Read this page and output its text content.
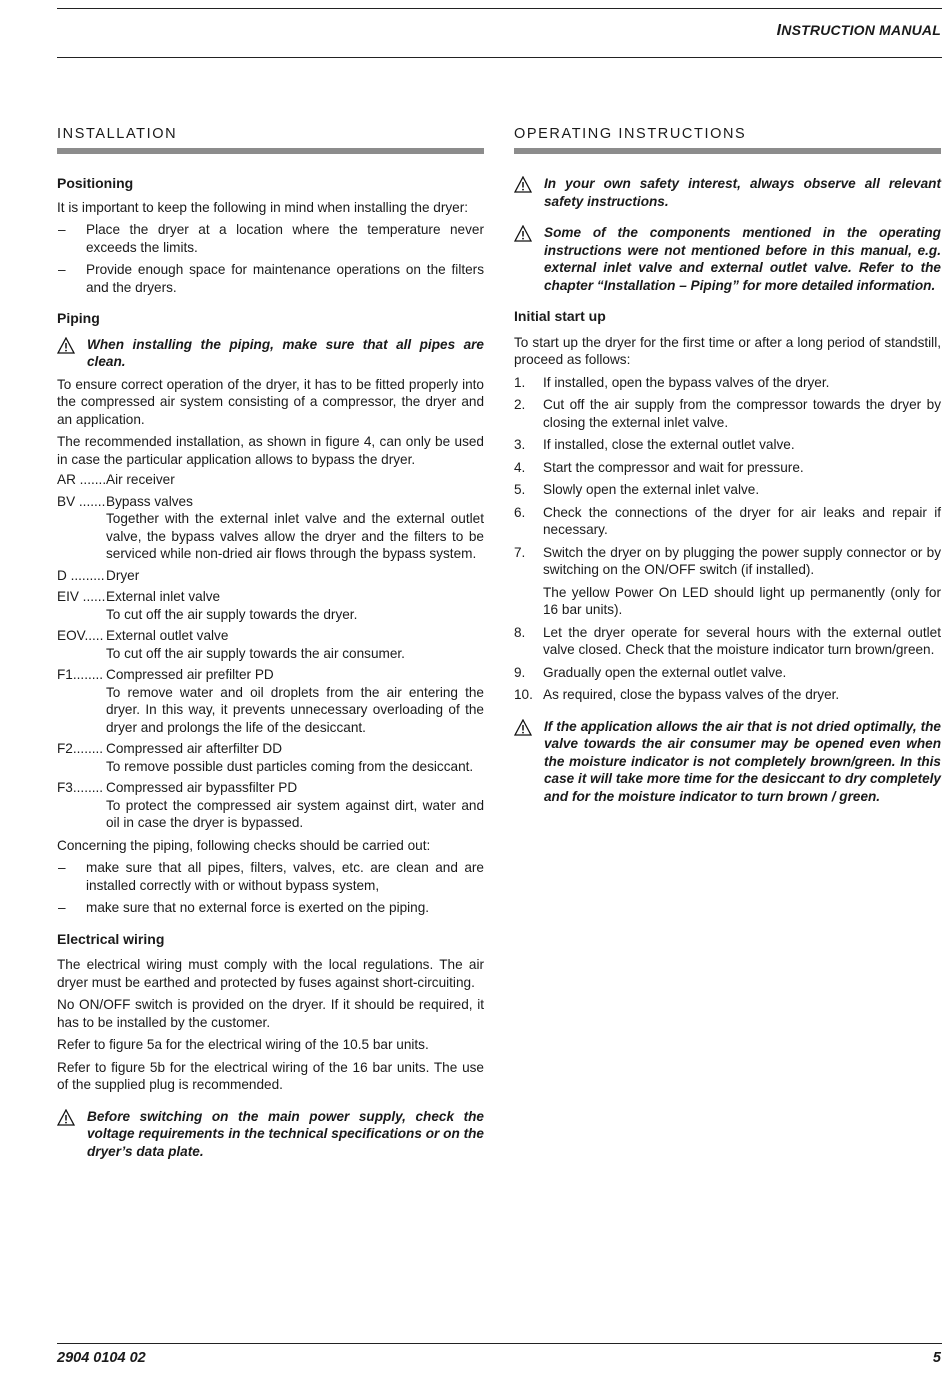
INSTRUCTION MANUAL
INSTALLATION
Positioning

It is important to keep the following in mind when installing the dryer:

– Place the dryer at a location where the temperature never exceeds the limits.
– Provide enough space for maintenance operations on the filters and the dryers.
Piping
When installing the piping, make sure that all pipes are clean.

To ensure correct operation of the dryer, it has to be fitted properly into the compressed air system consisting of a compressor, the dryer and an application.

The recommended installation, as shown in figure 4, can only be used in case the particular application allows to bypass the dryer.

AR ....... Air receiver
BV ....... Bypass valves
Together with the external inlet valve and the external outlet valve, the bypass valves allow the dryer and the filters to be serviced while non-dried air flows through the bypass system.
D ......... Dryer
EIV ...... External inlet valve
To cut off the air supply towards the dryer.
EOV..... External outlet valve
To cut off the air supply towards the air consumer.
F1........ Compressed air prefilter PD
To remove water and oil droplets from the air entering the dryer. In this way, it prevents unnecessary overloading of the dryer and prolongs the life of the desiccant.
F2........ Compressed air afterfilter DD
To remove possible dust particles coming from the desiccant.
F3........ Compressed air bypassfilter PD
To protect the compressed air system against dirt, water and oil in case the dryer is bypassed.

Concerning the piping, following checks should be carried out:

– make sure that all pipes, filters, valves, etc. are clean and are installed correctly with or without bypass system,
– make sure that no external force is exerted on the piping.
Electrical wiring

The electrical wiring must comply with the local regulations. The air dryer must be earthed and protected by fuses against short-circuiting.

No ON/OFF switch is provided on the dryer. If it should be required, it has to be installed by the customer.

Refer to figure 5a for the electrical wiring of the 10.5 bar units.

Refer to figure 5b for the electrical wiring of the 16 bar units. The use of the supplied plug is recommended.

Before switching on the main power supply, check the voltage requirements in the technical specifications or on the dryer’s data plate.
OPERATING INSTRUCTIONS
In your own safety interest, always observe all relevant safety instructions.
Some of the components mentioned in the operating instructions were not mentioned before in this manual, e.g. external inlet valve and external outlet valve. Refer to the chapter “Installation – Piping” for more detailed information.
Initial start up

To start up the dryer for the first time or after a long period of standstill, proceed as follows:

1.	If installed, open the bypass valves of the dryer.
2.	Cut off the air supply from the compressor towards the dryer by closing the external inlet valve.
3.	If installed, close the external outlet valve.
4.	Start the compressor and wait for pressure.
5.	Slowly open the external inlet valve.
6.	Check the connections of the dryer for air leaks and repair if necessary.
7.	Switch the dryer on by plugging the power supply connector or by switching on the ON/OFF switch (if installed).
The yellow Power On LED should light up permanently (only for 16 bar units).
8.	Let the dryer operate for several hours with the external outlet valve closed. Check that the moisture indicator turn brown/green.
9.	Gradually open the external outlet valve.
10. As required, close the bypass valves of the dryer.
If the application allows the air that is not dried optimally, the valve towards the air consumer may be opened even when the moisture indicator is not completely brown/green. In this case it will take more time for the desiccant to dry completely and for the moisture indicator to turn brown / green.
2904 0104 02	5
